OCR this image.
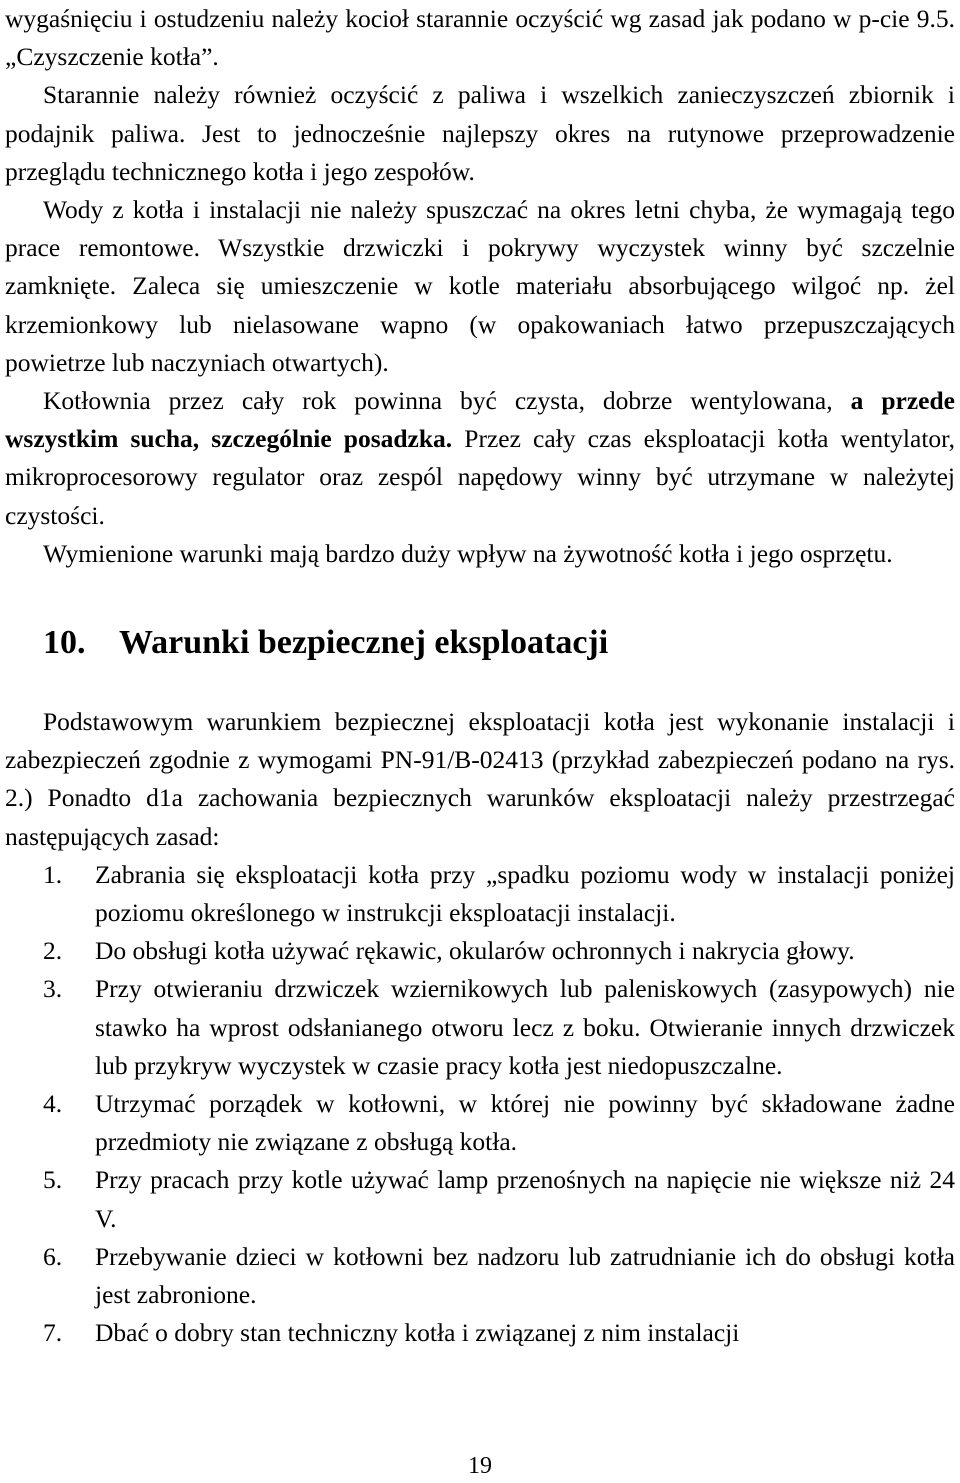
wygaśnięciu i ostudzeniu należy kocioł starannie oczyścić wg zasad jak podano w p-cie 9.5. „Czyszczenie kotła”.

Starannie należy również oczyścić z paliwa i wszelkich zanieczyszczeń zbiornik i podajnik paliwa. Jest to jednocześnie najlepszy okres na rutynowe przeprowadzenie przeglądu technicznego kotła i jego zespołów.

Wody z kotła i instalacji nie należy spuszczać na okres letni chyba, że wymagają tego prace remontowe. Wszystkie drzwiczki i pokrywy wyczystek winny być szczelnie zamknięte. Zaleca się umieszczenie w kotle materiału absorbującego wilgoć np. żel krzemionkowy lub nielasowane wapno (w opakowaniach łatwo przepuszczających powietrze lub naczyniach otwartych).

Kotłownia przez cały rok powinna być czysta, dobrze wentylowana, a przede wszystkim sucha, szczególnie posadzka. Przez cały czas eksploatacji kotła wentylator, mikroprocesorowy regulator oraz zespól napędowy winny być utrzymane w należytej czystości.

Wymienione warunki mają bardzo duży wpływ na żywotność kotła i jego osprzętu.

10. Warunki bezpiecznej eksploatacji

Podstawowym warunkiem bezpiecznej eksploatacji kotła jest wykonanie instalacji i zabezpieczeń zgodnie z wymogami PN-91/B-02413 (przykład zabezpieczeń podano na rys. 2.) Ponadto d1a zachowania bezpiecznych warunków eksploatacji należy przestrzegać następujących zasad:

1.	Zabrania się eksploatacji kotła przy „spadku poziomu wody w instalacji poniżej poziomu określonego w instrukcji eksploatacji instalacji.
2.	Do obsługi kotła używać rękawic, okularów ochronnych i nakrycia głowy.
3.	Przy otwieraniu drzwiczek wziernikowych lub paleniskowych (zasypowych) nie stawko ha wprost odsłanianego otworu lecz z boku. Otwieranie innych drzwiczek lub przykryw wyczystek w czasie pracy kotła jest niedopuszczalne.
4.	Utrzymać porządek w kotłowni, w której nie powinny być składowane żadne przedmioty nie związane z obsługą kotła.
5.	Przy pracach przy kotle używać lamp przenośnych na napięcie nie większe niż 24 V.
6.	Przebywanie dzieci w kotłowni bez nadzoru lub zatrudnianie ich do obsługi kotła jest zabronione.
7.	Dbać o dobry stan techniczny kotła i związanej z nim instalacji
19
